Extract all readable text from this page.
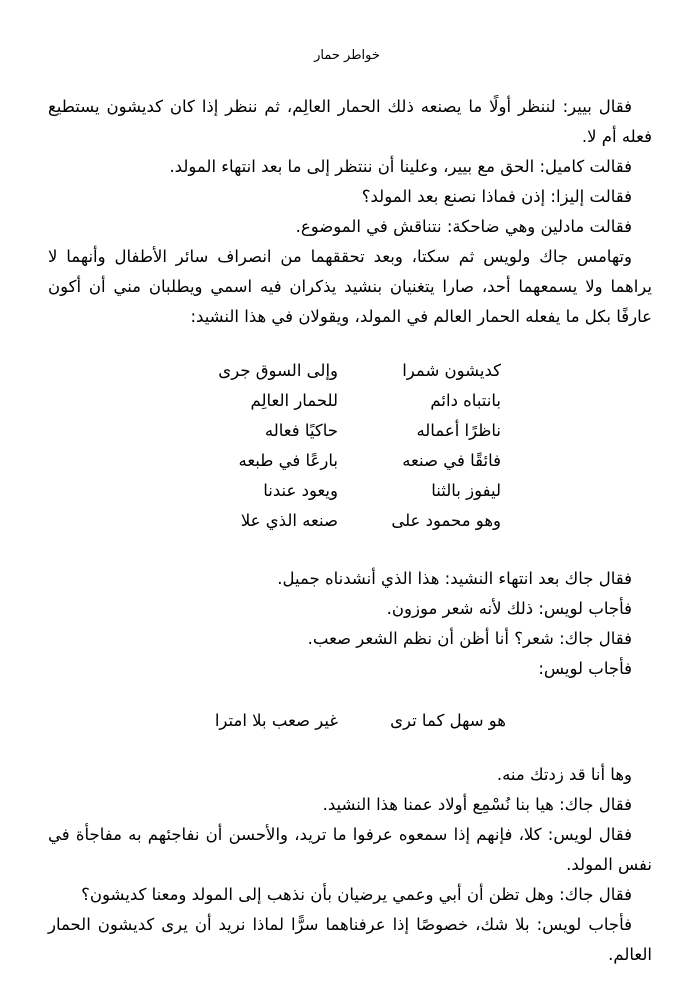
خواطر حمار
فقال بيير: لننظر أولًا ما يصنعه ذلك الحمار العالِم، ثم ننظر إذا كان كديشون يستطيع فعله أم لا.
فقالت كاميل: الحق مع بيير، وعلينا أن ننتظر إلى ما بعد انتهاء المولد.
فقالت إليزا: إذن فماذا نصنع بعد المولد؟
فقالت مادلين وهي ضاحكة: نتناقش في الموضوع.
وتهامس جاك ولويس ثم سكتا، وبعد تحققهما من انصراف سائر الأطفال وأنهما لا يراهما ولا يسمعهما أحد، صارا يتغنيان بنشيد يذكران فيه اسمي ويطلبان مني أن أكون عارفًا بكل ما يفعله الحمار العالم في المولد، ويقولان في هذا النشيد:
كديشون شمرا
وإلى السوق جرى
بانتباه دائم
للحمار العالِم
ناظرًا أعماله
حاكيًا فعاله
فائقًا في صنعه
بارعًا في طبعه
ليفوز بالثنا
ويعود عندنا
وهو محمود على
صنعه الذي علا
فقال جاك بعد انتهاء النشيد: هذا الذي أنشدناه جميل.
فأجاب لويس: ذلك لأنه شعر موزون.
فقال جاك: شعر؟ أنا أظن أن نظم الشعر صعب.
فأجاب لويس:
هو سهل كما ترى
غير صعب بلا امترا
وها أنا قد زدتك منه.
فقال جاك: هيا بنا نُسْمِع أولاد عمنا هذا النشيد.
فقال لويس: كلا، فإنهم إذا سمعوه عرفوا ما تريد، والأحسن أن نفاجئهم به مفاجأة في نفس المولد.
فقال جاك: وهل تظن أن أبي وعمي يرضيان بأن نذهب إلى المولد ومعنا كديشون؟
فأجاب لويس: بلا شك، خصوصًا إذا عرفناهما سرًّا لماذا نريد أن يرى كديشون الحمار العالم.
